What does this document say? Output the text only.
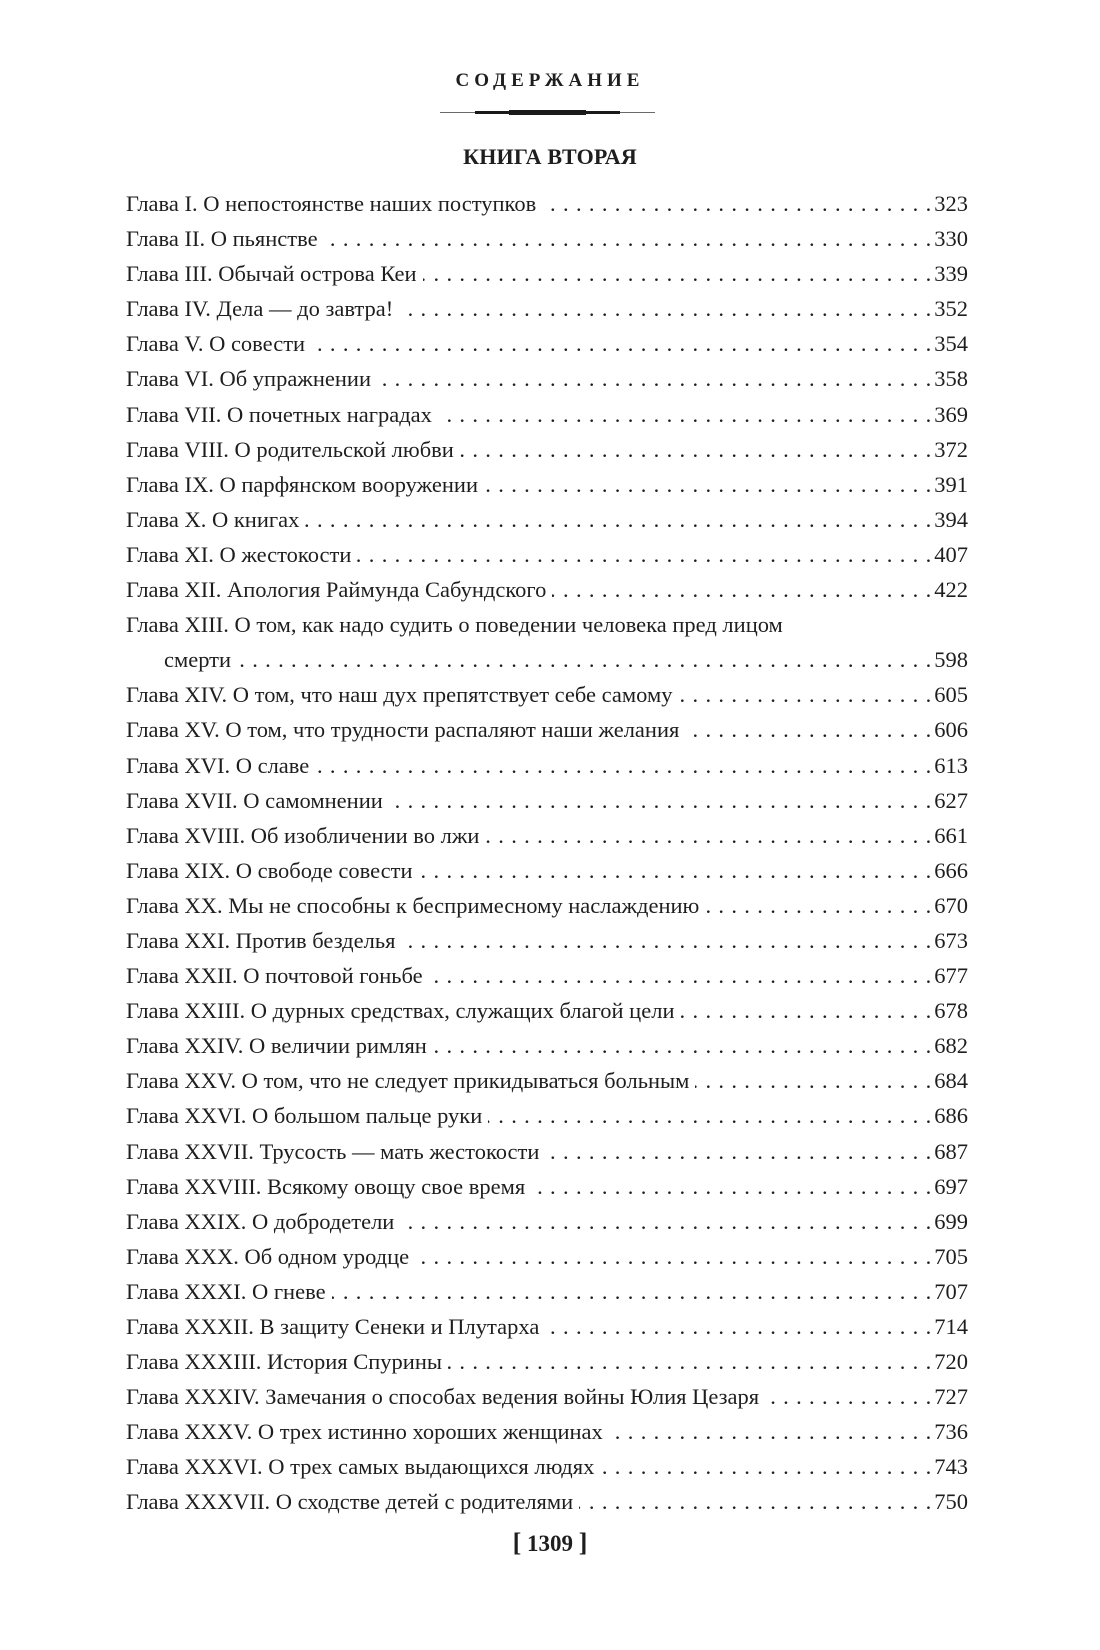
СОДЕРЖАНИЕ
КНИГА ВТОРАЯ
Глава I. О непостоянстве наших поступков . . .	323
Глава II. О пьянстве . . .	330
Глава III. Обычай острова Кеи . . .	339
Глава IV. Дела — до завтра! . . .	352
Глава V. О совести . . .	354
Глава VI. Об упражнении . . .	358
Глава VII. О почетных наградах . . .	369
Глава VIII. О родительской любви . . .	372
Глава IX. О парфянском вооружении . . .	391
Глава X. О книгах . . .	394
Глава XI. О жестокости . . .	407
Глава XII. Апология Раймунда Сабундского . . .	422
Глава XIII. О том, как надо судить о поведении человека пред лицом
смерти . . .	598
Глава XIV. О том, что наш дух препятствует себе самому . . .	605
Глава XV. О том, что трудности распаляют наши желания . . .	606
Глава XVI. О славе . . .	613
Глава XVII. О самомнении . . .	627
Глава XVIII. Об изобличении во лжи . . .	661
Глава XIX. О свободе совести . . .	666
Глава XX. Мы не способны к беспримесному наслаждению . . .	670
Глава XXI. Против безделья . . .	673
Глава XXII. О почтовой гоньбе . . .	677
Глава XXIII. О дурных средствах, служащих благой цели . . .	678
Глава XXIV. О величии римлян . . .	682
Глава XXV. О том, что не следует прикидываться больным . . .	684
Глава XXVI. О большом пальце руки . . .	686
Глава XXVII. Трусость — мать жестокости . . .	687
Глава XXVIII. Всякому овощу свое время . . .	697
Глава XXIX. О добродетели . . .	699
Глава XXX. Об одном уродце . . .	705
Глава XXXI. О гневе . . .	707
Глава XXXII. В защиту Сенеки и Плутарха . . .	714
Глава XXXIII. История Спурины . . .	720
Глава XXXIV. Замечания о способах ведения войны Юлия Цезаря . . .	727
Глава XXXV. О трех истинно хороших женщинах . . .	736
Глава XXXVI. О трех самых выдающихся людях . . .	743
Глава XXXVII. О сходстве детей с родителями . . .	750
[ 1309 ]
